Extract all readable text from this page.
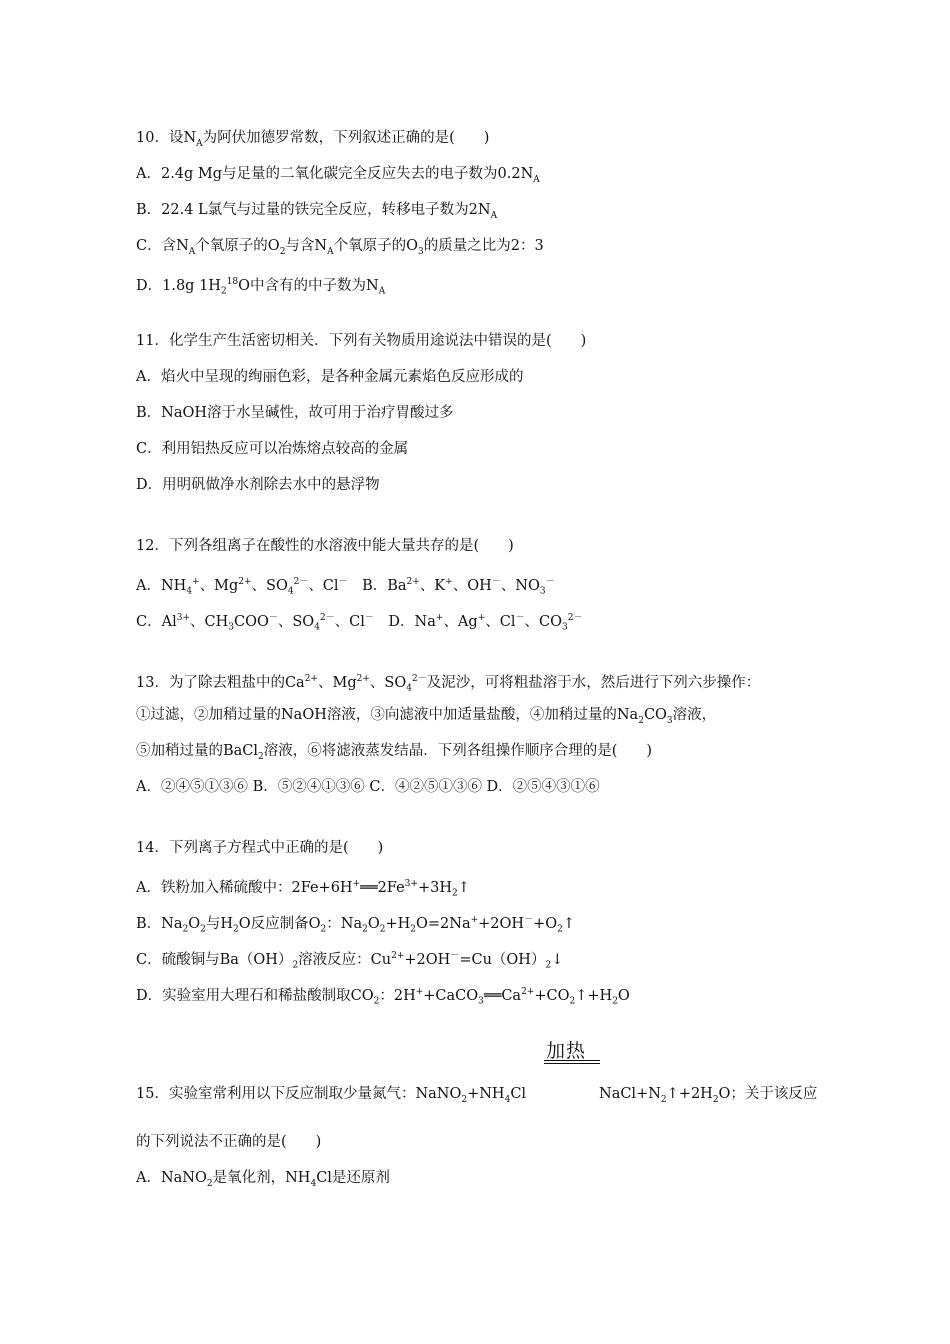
10．设$N_A$为阿伏加德罗常数，下列叙述正确的是(　　)
A．2.4g Mg与足量的二氧化碳完全反应失去的电子数为$0.2N_A$
B．22.4 L氯气与过量的铁完全反应，转移电子数为$2N_A$
C．含$N_A$个氧原子的$O_2$与含$N_A$个氧原子的$O_3$的质量之比为2：3
D．1.8g $1H_2^{18}O$中含有的中子数为$N_A$
11．化学生产生活密切相关．下列有关物质用途说法中错误的是(　　)
A．焰火中呈现的绚丽色彩，是各种金属元素焰色反应形成的
B．NaOH溶于水呈碱性，故可用于治疗胃酸过多
C．利用铝热反应可以冶炼熔点较高的金属
D．用明矾做净水剂除去水中的悬浮物
12．下列各组离子在酸性的水溶液中能大量共存的是(　　)
A．$NH_4^+$、$Mg^{2+}$、$SO_4^{2-}$、Cl－ B．$Ba^{2+}$、K+、OH－、$NO_3^-$
C．$Al^{3+}$、$CH_3COO^-$、$SO_4^{2-}$、Cl－ D．Na+、Ag+、Cl－、$CO_3^{2-}$
13．为了除去粗盐中的$Ca^{2+}$、$Mg^{2+}$、$SO_4^{2-}$及泥沙，可将粗盐溶于水，然后进行下列六步操作：
①过滤，②加稍过量的NaOH溶液，③向滤液中加适量盐酸，④加稍过量的$Na_2CO_3$溶液，
⑤加稍过量的BaCl$_2$溶液，⑥将滤液蒸发结晶．下列各组操作顺序合理的是(　　)
A．②④⑤①③⑥ B．⑤②④①③⑥ C．④②⑤①③⑥ D．②⑤④③①⑥
14．下列离子方程式中正确的是(　　)
A．铁粉加入稀硫酸中：$2Fe+6H^+══2Fe^{3+}+3H_2↑$
B．$Na_2O_2$与$H_2O$反应制备$O_2$：$Na_2O_2+H_2O=2Na^++2OH^-+O_2↑$
C．硫酸铜与$Ba(OH)_2$溶液反应：$Cu^{2+}+2OH^-=Cu(OH)_2↓$
D．实验室用大理石和稀盐酸制取$CO_2$：$2H^++CaCO_3══Ca^{2+}+CO_2↑+H_2O$
加热
15．实验室常利用以下反应制取少量氮气：$NaNO_2+NH_4Cl$	$NaCl+N_2↑+2H_2O$；关于该反应
的下列说法不正确的是(　　)
A．NaNO$_2$是氧化剂，$NH_4Cl$是还原剂
